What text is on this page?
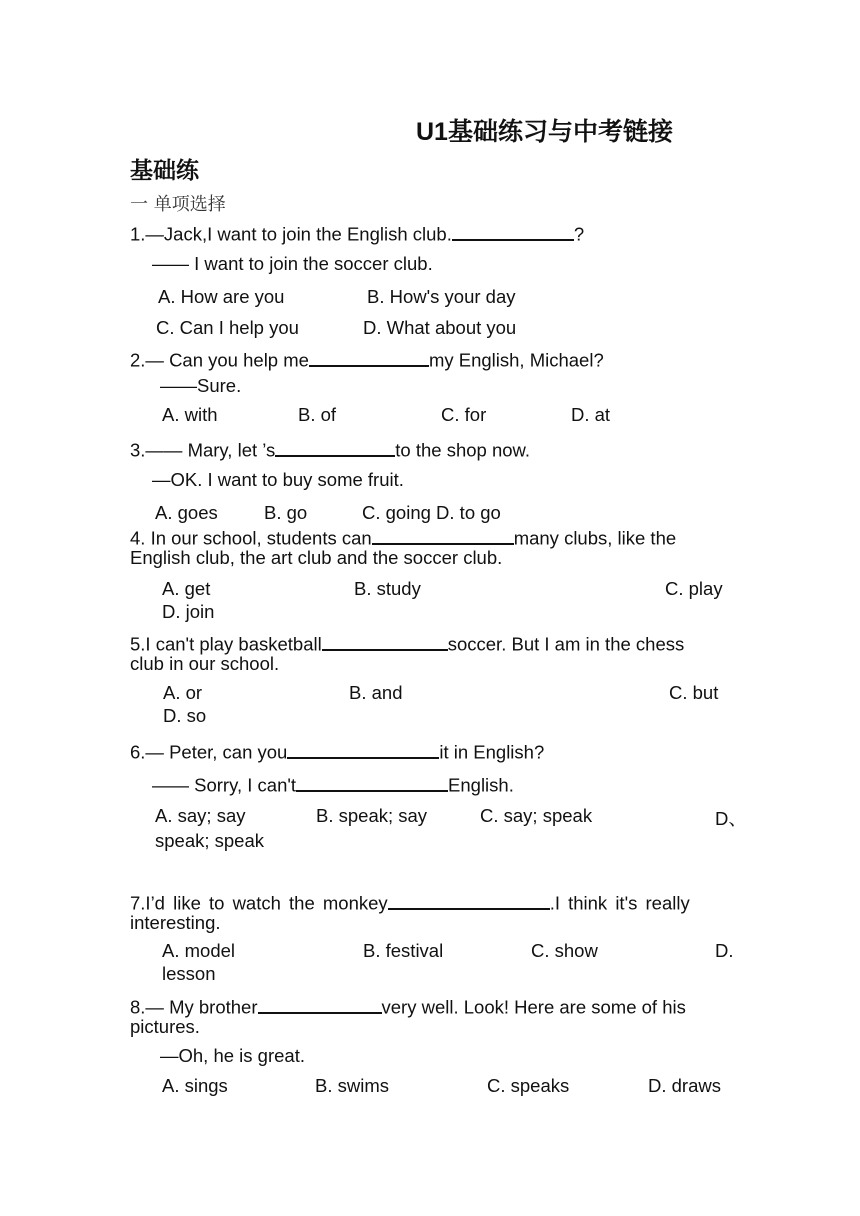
U1基础练习与中考链接
基础练
一 单项选择
1.—Jack,I want to join the English club.	?
—— I want to join the soccer club.
A. How are you	B. How's your day
C. Can I help you	D. What about you
2.— Can you help me	my English, Michael?
——Sure.
A. with	B. of	C. for	D. at
3.—— Mary, let ’s	to the shop now.
—OK. I want to buy some fruit.
A. goes	B. go	C. going D. to go
4. In our school, students can	many clubs, like the
English club, the art club and the soccer club.
A. get	B. study	C. play
D. join
5.I can't play basketball	soccer. But I am in the chess
club in our school.
A. or	B. and	C. but
D. so
6.— Peter, can you	it in English?
—— Sorry, I can't	English.
A. say; say	B. speak; say	C. say; speak	D、
speak; speak
7.I’d like to watch the monkey	.I think it's really
interesting.
A. model	B. festival	C. show	D.
lesson
8.— My brother	very well. Look! Here are some of his
pictures.
—Oh, he is great.
A. sings	B. swims	C. speaks	D. draws
